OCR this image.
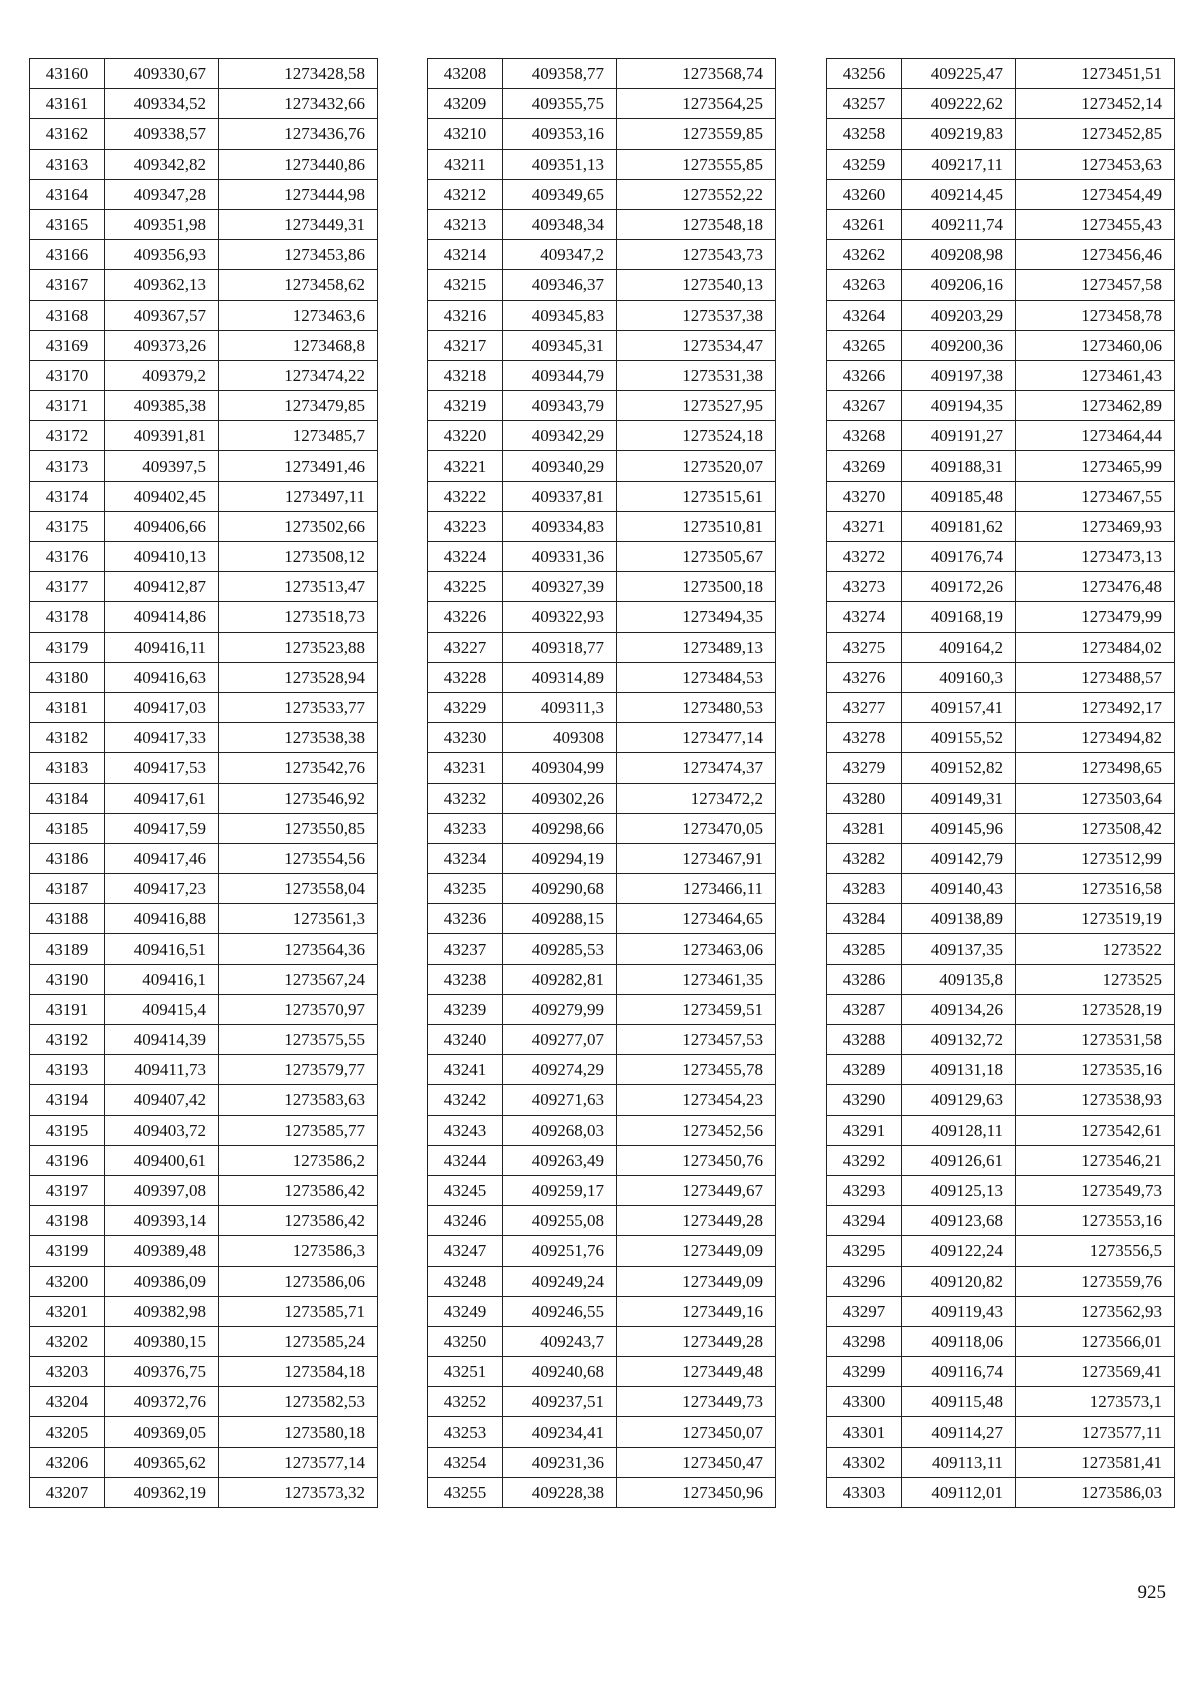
43160	409330,67	1273428,58
43161	409334,52	1273432,66
43162	409338,57	1273436,76
43163	409342,82	1273440,86
43164	409347,28	1273444,98
43165	409351,98	1273449,31
43166	409356,93	1273453,86
43167	409362,13	1273458,62
43168	409367,57	1273463,6
43169	409373,26	1273468,8
43170	409379,2	1273474,22
43171	409385,38	1273479,85
43172	409391,81	1273485,7
43173	409397,5	1273491,46
43174	409402,45	1273497,11
43175	409406,66	1273502,66
43176	409410,13	1273508,12
43177	409412,87	1273513,47
43178	409414,86	1273518,73
43179	409416,11	1273523,88
43180	409416,63	1273528,94
43181	409417,03	1273533,77
43182	409417,33	1273538,38
43183	409417,53	1273542,76
43184	409417,61	1273546,92
43185	409417,59	1273550,85
43186	409417,46	1273554,56
43187	409417,23	1273558,04
43188	409416,88	1273561,3
43189	409416,51	1273564,36
43190	409416,1	1273567,24
43191	409415,4	1273570,97
43192	409414,39	1273575,55
43193	409411,73	1273579,77
43194	409407,42	1273583,63
43195	409403,72	1273585,77
43196	409400,61	1273586,2
43197	409397,08	1273586,42
43198	409393,14	1273586,42
43199	409389,48	1273586,3
43200	409386,09	1273586,06
43201	409382,98	1273585,71
43202	409380,15	1273585,24
43203	409376,75	1273584,18
43204	409372,76	1273582,53
43205	409369,05	1273580,18
43206	409365,62	1273577,14
43207	409362,19	1273573,32
43208	409358,77	1273568,74
43209	409355,75	1273564,25
43210	409353,16	1273559,85
43211	409351,13	1273555,85
43212	409349,65	1273552,22
43213	409348,34	1273548,18
43214	409347,2	1273543,73
43215	409346,37	1273540,13
43216	409345,83	1273537,38
43217	409345,31	1273534,47
43218	409344,79	1273531,38
43219	409343,79	1273527,95
43220	409342,29	1273524,18
43221	409340,29	1273520,07
43222	409337,81	1273515,61
43223	409334,83	1273510,81
43224	409331,36	1273505,67
43225	409327,39	1273500,18
43226	409322,93	1273494,35
43227	409318,77	1273489,13
43228	409314,89	1273484,53
43229	409311,3	1273480,53
43230	409308	1273477,14
43231	409304,99	1273474,37
43232	409302,26	1273472,2
43233	409298,66	1273470,05
43234	409294,19	1273467,91
43235	409290,68	1273466,11
43236	409288,15	1273464,65
43237	409285,53	1273463,06
43238	409282,81	1273461,35
43239	409279,99	1273459,51
43240	409277,07	1273457,53
43241	409274,29	1273455,78
43242	409271,63	1273454,23
43243	409268,03	1273452,56
43244	409263,49	1273450,76
43245	409259,17	1273449,67
43246	409255,08	1273449,28
43247	409251,76	1273449,09
43248	409249,24	1273449,09
43249	409246,55	1273449,16
43250	409243,7	1273449,28
43251	409240,68	1273449,48
43252	409237,51	1273449,73
43253	409234,41	1273450,07
43254	409231,36	1273450,47
43255	409228,38	1273450,96
43256	409225,47	1273451,51
43257	409222,62	1273452,14
43258	409219,83	1273452,85
43259	409217,11	1273453,63
43260	409214,45	1273454,49
43261	409211,74	1273455,43
43262	409208,98	1273456,46
43263	409206,16	1273457,58
43264	409203,29	1273458,78
43265	409200,36	1273460,06
43266	409197,38	1273461,43
43267	409194,35	1273462,89
43268	409191,27	1273464,44
43269	409188,31	1273465,99
43270	409185,48	1273467,55
43271	409181,62	1273469,93
43272	409176,74	1273473,13
43273	409172,26	1273476,48
43274	409168,19	1273479,99
43275	409164,2	1273484,02
43276	409160,3	1273488,57
43277	409157,41	1273492,17
43278	409155,52	1273494,82
43279	409152,82	1273498,65
43280	409149,31	1273503,64
43281	409145,96	1273508,42
43282	409142,79	1273512,99
43283	409140,43	1273516,58
43284	409138,89	1273519,19
43285	409137,35	1273522
43286	409135,8	1273525
43287	409134,26	1273528,19
43288	409132,72	1273531,58
43289	409131,18	1273535,16
43290	409129,63	1273538,93
43291	409128,11	1273542,61
43292	409126,61	1273546,21
43293	409125,13	1273549,73
43294	409123,68	1273553,16
43295	409122,24	1273556,5
43296	409120,82	1273559,76
43297	409119,43	1273562,93
43298	409118,06	1273566,01
43299	409116,74	1273569,41
43300	409115,48	1273573,1
43301	409114,27	1273577,11
43302	409113,11	1273581,41
43303	409112,01	1273586,03
925
